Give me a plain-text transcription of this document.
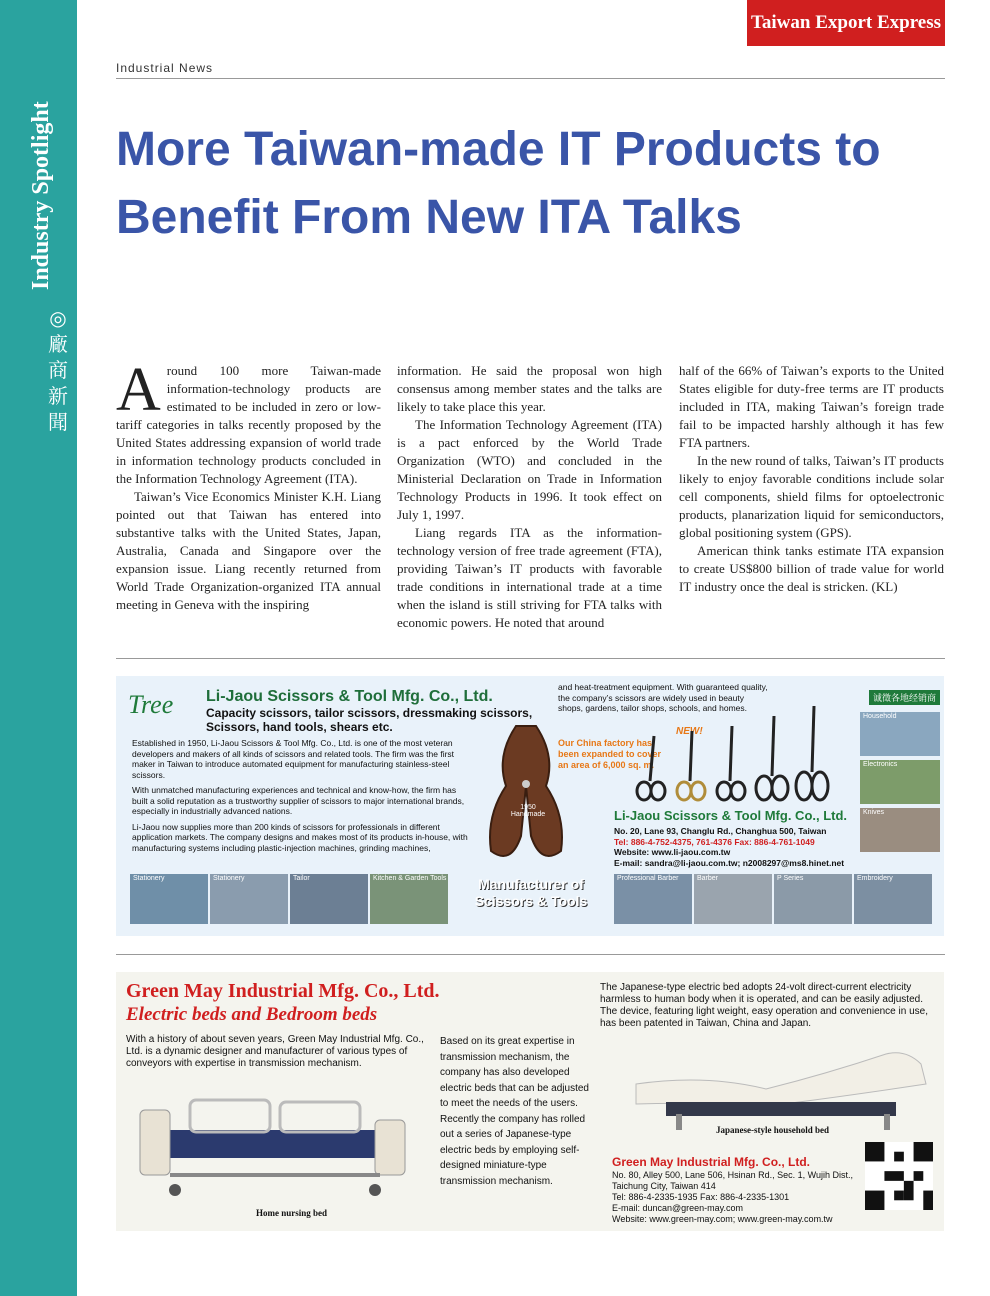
Industry Spotlight
◎
廠
商
新
聞
Taiwan Export Express
Industrial News
More Taiwan-made IT Products to Benefit From New ITA Talks

Around 100 more Taiwan-made information-technology products are estimated to be included in zero or low-tariff categories in talks recently proposed by the United States addressing expansion of world trade in information technology products concluded in the Information Technology Agreement (ITA).

Taiwan’s Vice Economics Minister K.H. Liang pointed out that Taiwan has entered into substantive talks with the United States, Japan, Australia, Canada and Singapore over the expansion issue. Liang recently returned from World Trade Organization-organized ITA annual meeting in Geneva with the inspiring

information. He said the proposal won high consensus among member states and the talks are likely to take place this year.

The Information Technology Agreement (ITA) is a pact enforced by the World Trade Organization (WTO) and concluded in the Ministerial Declaration on Trade in Information Technology Products in 1996. It took effect on July 1, 1997.

Liang regards ITA as the information-technology version of free trade agreement (FTA), providing Taiwan’s IT products with favorable trade conditions in international trade at a time when the island is still striving for FTA talks with economic powers. He noted that around

half of the 66% of Taiwan’s exports to the United States eligible for duty-free terms are IT products included in ITA, making Taiwan’s foreign trade fail to be impacted harshly although it has few FTA partners.

In the new round of talks, Taiwan’s IT products likely to enjoy favorable conditions include solar cell components, shield films for optoelectronic products, planarization liquid for semiconductors, global positioning system (GPS).

American think tanks estimate ITA expansion to create US$800 billion of trade value for world IT industry once the deal is stricken. (KL)

Tree	Li-Jaou Scissors & Tool Mfg. Co., Ltd.
Capacity scissors, tailor scissors, dressmaking scissors, Scissors, hand tools, shears etc.

Established in 1950, Li-Jaou Scissors & Tool Mfg. Co., Ltd. is one of the most veteran developers and makers of all kinds of scissors and related tools. The firm was the first maker in Taiwan to introduce automated equipment for manufacturing stainless-steel scissors.

With unmatched manufacturing experiences and technical and know-how, the firm has built a solid reputation as a trustworthy supplier of scissors to major international brands, especially in industrially advanced nations.

Li-Jaou now supplies more than 200 kinds of scissors for professionals in different application markets. The company designs and makes most of its products in-house, with manufacturing systems including plastic-injection machines, grinding machines,

1950 Handmade
Manufacturer of Scissors & Tools
and heat-treatment equipment. With guaranteed quality, the company’s scissors are widely used in beauty shops, gardens, tailor shops, schools, and homes.
Our China factory has been expanded to cover an area of 6,000 sq. m.
NEW!
Li-Jaou Scissors & Tool Mfg. Co., Ltd.
No. 20, Lane 93, Changlu Rd., Changhua 500, Taiwan
Tel: 886-4-752-4375, 761-4376 Fax: 886-4-761-1049
Website: www.li-jaou.com.tw
E-mail: sandra@li-jaou.com.tw; n2008297@ms8.hinet.net
诚徵各地经销商
Household
Electronics
Knives
Stationery	Stationery	Tailor	Kitchen & Garden Tools	Professional Barber	Barber	P Series	Embroidery
Green May Industrial Mfg. Co., Ltd.
Electric beds and Bedroom beds
With a history of about seven years, Green May Industrial Mfg. Co., Ltd. is a dynamic designer and manufacturer of various types of conveyors with expertise in transmission mechanism.
Home nursing bed
Based on its great expertise in transmission mechanism, the company has also developed electric beds that can be adjusted to meet the needs of the users. Recently the company has rolled out a series of Japanese-type electric beds by employing self-designed miniature-type transmission mechanism.
The Japanese-type electric bed adopts 24-volt direct-current electricity harmless to human body when it is operated, and can be easily adjusted. The device, featuring light weight, easy operation and convenience in use, has been patented in Taiwan, China and Japan.
Japanese-style household bed
Green May Industrial Mfg. Co., Ltd.
No. 80, Alley 500, Lane 506, Hsinan Rd., Sec. 1, Wujih Dist., Taichung City, Taiwan 414
Tel: 886-4-2335-1935 Fax: 886-4-2335-1301
E-mail: duncan@green-may.com
Website: www.green-may.com; www.green-may.com.tw
